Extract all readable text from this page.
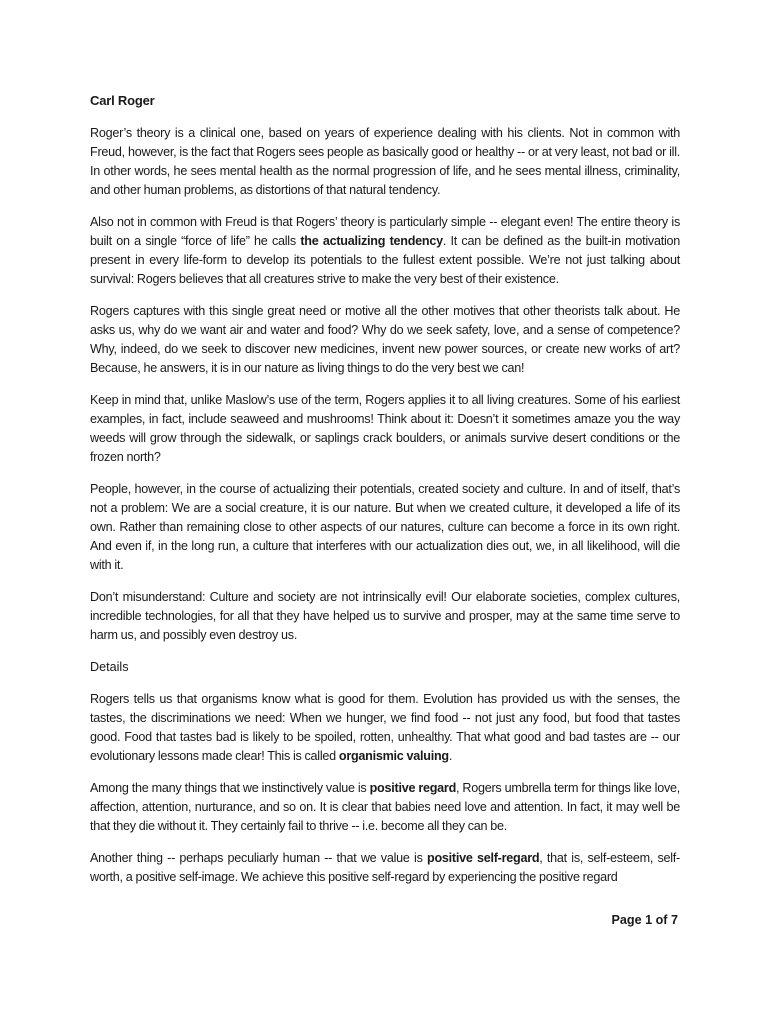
Carl Roger

Roger’s theory is a clinical one, based on years of experience dealing with his clients. Not in common with Freud, however, is the fact that Rogers sees people as basically good or healthy -- or at very least, not bad or ill. In other words, he sees mental health as the normal progression of life, and he sees mental illness, criminality, and other human problems, as distortions of that natural tendency.

Also not in common with Freud is that Rogers’ theory is particularly simple -- elegant even! The entire theory is built on a single “force of life” he calls the actualizing tendency. It can be defined as the built-in motivation present in every life-form to develop its potentials to the fullest extent possible. We’re not just talking about survival: Rogers believes that all creatures strive to make the very best of their existence.

Rogers captures with this single great need or motive all the other motives that other theorists talk about. He asks us, why do we want air and water and food? Why do we seek safety, love, and a sense of competence? Why, indeed, do we seek to discover new medicines, invent new power sources, or create new works of art? Because, he answers, it is in our nature as living things to do the very best we can!

Keep in mind that, unlike Maslow’s use of the term, Rogers applies it to all living creatures. Some of his earliest examples, in fact, include seaweed and mushrooms! Think about it: Doesn’t it sometimes amaze you the way weeds will grow through the sidewalk, or saplings crack boulders, or animals survive desert conditions or the frozen north?

People, however, in the course of actualizing their potentials, created society and culture. In and of itself, that’s not a problem: We are a social creature, it is our nature. But when we created culture, it developed a life of its own. Rather than remaining close to other aspects of our natures, culture can become a force in its own right. And even if, in the long run, a culture that interferes with our actualization dies out, we, in all likelihood, will die with it.

Don’t misunderstand: Culture and society are not intrinsically evil! Our elaborate societies, complex cultures, incredible technologies, for all that they have helped us to survive and prosper, may at the same time serve to harm us, and possibly even destroy us.

Details

Rogers tells us that organisms know what is good for them. Evolution has provided us with the senses, the tastes, the discriminations we need: When we hunger, we find food -- not just any food, but food that tastes good. Food that tastes bad is likely to be spoiled, rotten, unhealthy. That what good and bad tastes are -- our evolutionary lessons made clear! This is called organismic valuing.

Among the many things that we instinctively value is positive regard, Rogers umbrella term for things like love, affection, attention, nurturance, and so on. It is clear that babies need love and attention. In fact, it may well be that they die without it. They certainly fail to thrive -- i.e. become all they can be.

Another thing -- perhaps peculiarly human -- that we value is positive self-regard, that is, self-esteem, self-worth, a positive self-image. We achieve this positive self-regard by experiencing the positive regard

Page 1 of 7
